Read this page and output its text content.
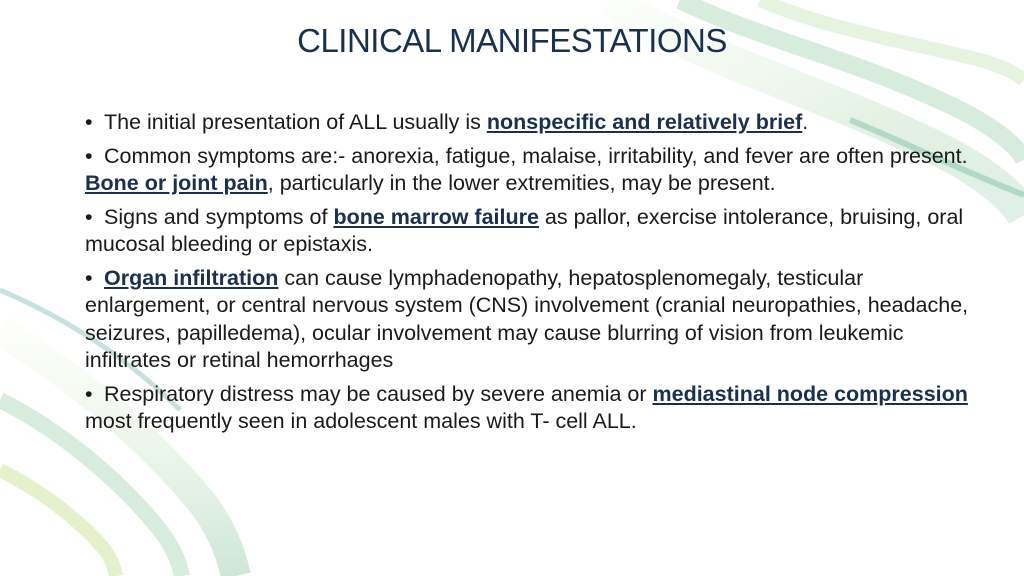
CLINICAL MANIFESTATIONS
• The initial presentation of ALL usually is nonspecific and relatively brief.
• Common symptoms are:- anorexia, fatigue, malaise, irritability, and fever are often present. Bone or joint pain, particularly in the lower extremities, may be present.
• Signs and symptoms of bone marrow failure as pallor, exercise intolerance, bruising, oral mucosal bleeding or epistaxis.
• Organ infiltration can cause lymphadenopathy, hepatosplenomegaly, testicular enlargement, or central nervous system (CNS) involvement (cranial neuropathies, headache, seizures, papilledema), ocular involvement may cause blurring of vision from leukemic infiltrates or retinal hemorrhages
• Respiratory distress may be caused by severe anemia or mediastinal node compression most frequently seen in adolescent males with T- cell ALL.
